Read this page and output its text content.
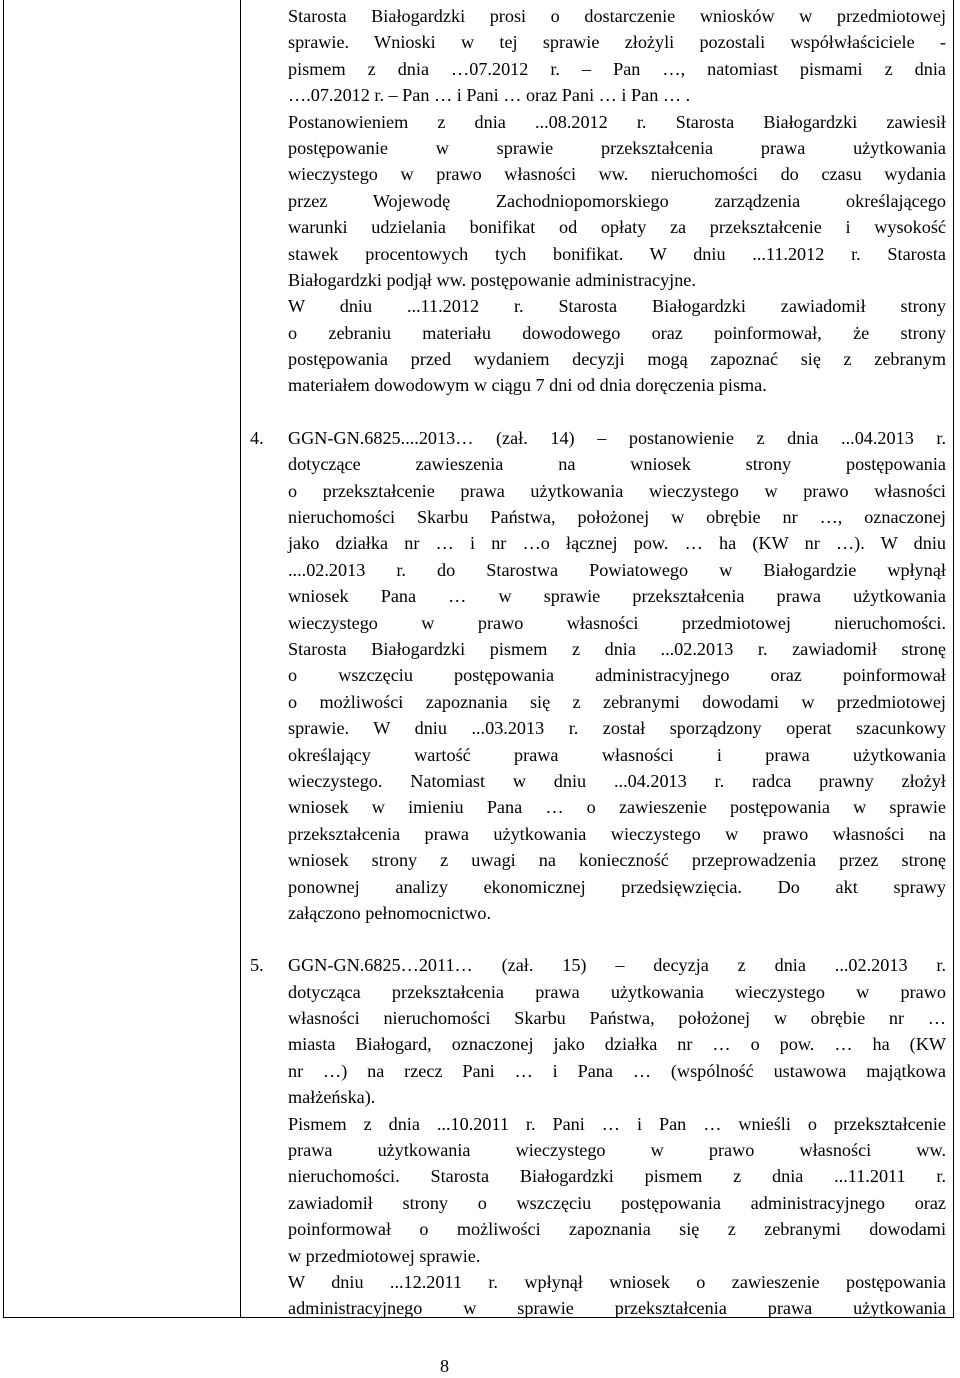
Starosta Białogardzki prosi o dostarczenie wniosków w przedmiotowej
sprawie. Wnioski w tej sprawie złożyli pozostali współwłaściciele -
pismem z dnia …07.2012 r. – Pan …, natomiast pismami z dnia
….07.2012 r. – Pan … i Pani … oraz Pani … i Pan … .
Postanowieniem z dnia ...08.2012 r. Starosta Białogardzki zawiesił
postępowanie w sprawie przekształcenia prawa użytkowania
wieczystego w prawo własności ww. nieruchomości do czasu wydania
przez Wojewodę Zachodniopomorskiego zarządzenia określającego
warunki udzielania bonifikat od opłaty za przekształcenie i wysokość
stawek procentowych tych bonifikat. W dniu ...11.2012 r. Starosta
Białogardzki podjął ww. postępowanie administracyjne.
W dniu ...11.2012 r. Starosta Białogardzki zawiadomił strony
o zebraniu materiału dowodowego oraz poinformował, że strony
postępowania przed wydaniem decyzji mogą zapoznać się z zebranym
materiałem dowodowym w ciągu 7 dni od dnia doręczenia pisma.
4. GGN-GN.6825....2013… (zał. 14) – postanowienie z dnia ...04.2013 r.
dotyczące zawieszenia na wniosek strony postępowania
o przekształcenie prawa użytkowania wieczystego w prawo własności
nieruchomości Skarbu Państwa, położonej w obrębie nr …, oznaczonej
jako działka nr … i nr …o łącznej pow. … ha (KW nr …). W dniu
....02.2013 r. do Starostwa Powiatowego w Białogardzie wpłynął
wniosek Pana … w sprawie przekształcenia prawa użytkowania
wieczystego w prawo własności przedmiotowej nieruchomości.
Starosta Białogardzki pismem z dnia ...02.2013 r. zawiadomił stronę
o wszczęciu postępowania administracyjnego oraz poinformował
o możliwości zapoznania się z zebranymi dowodami w przedmiotowej
sprawie. W dniu ...03.2013 r. został sporządzony operat szacunkowy
określający wartość prawa własności i prawa użytkowania
wieczystego. Natomiast w dniu ...04.2013 r. radca prawny złożył
wniosek w imieniu Pana … o zawieszenie postępowania w sprawie
przekształcenia prawa użytkowania wieczystego w prawo własności na
wniosek strony z uwagi na konieczność przeprowadzenia przez stronę
ponownej analizy ekonomicznej przedsięwzięcia. Do akt sprawy
załączono pełnomocnictwo.
5. GGN-GN.6825…2011… (zał. 15) – decyzja z dnia ...02.2013 r.
dotycząca przekształcenia prawa użytkowania wieczystego w prawo
własności nieruchomości Skarbu Państwa, położonej w obrębie nr …
miasta Białogard, oznaczonej jako działka nr … o pow. … ha (KW
nr …) na rzecz Pani … i Pana … (wspólność ustawowa majątkowa
małżeńska).
Pismem z dnia ...10.2011 r. Pani … i Pan … wnieśli o przekształcenie
prawa użytkowania wieczystego w prawo własności ww.
nieruchomości. Starosta Białogardzki pismem z dnia ...11.2011 r.
zawiadomił strony o wszczęciu postępowania administracyjnego oraz
poinformował o możliwości zapoznania się z zebranymi dowodami
w przedmiotowej sprawie.
W dniu ...12.2011 r. wpłynął wniosek o zawieszenie postępowania
administracyjnego w sprawie przekształcenia prawa użytkowania
8
